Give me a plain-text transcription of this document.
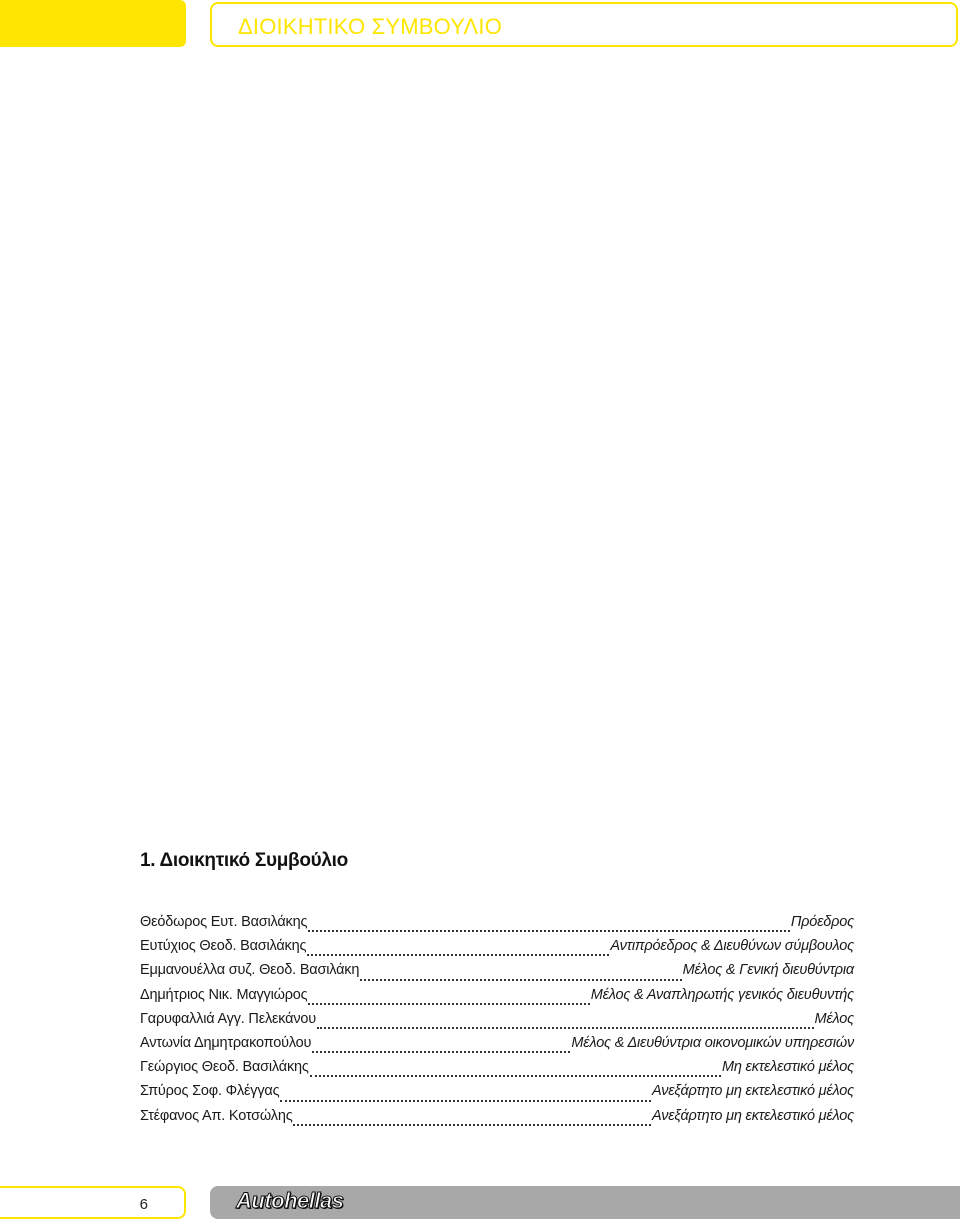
ΔΙΟΙΚΗΤΙΚΟ ΣΥΜΒΟΥΛΙΟ
1. Διοικητικό Συμβούλιο
Θεόδωρος Ευτ. Βασιλάκης	Πρόεδρος
Ευτύχιος Θεοδ. Βασιλάκης	Αντιπρόεδρος & Διευθύνων σύμβουλος
Εμμανουέλλα συζ. Θεοδ. Βασιλάκη	Μέλος & Γενική διευθύντρια
Δημήτριος Νικ. Μαγγιώρος	Μέλος & Αναπληρωτής γενικός διευθυντής
Γαρυφαλλιά Αγγ. Πελεκάνου	Μέλος
Αντωνία Δημητρακοπούλου	Μέλος & Διευθύντρια οικονομικών υπηρεσιών
Γεώργιος Θεοδ. Βασιλάκης	Μη εκτελεστικό μέλος
Σπύρος Σοφ. Φλέγγας	Ανεξάρτητο μη εκτελεστικό μέλος
Στέφανος Απ. Κοτσώλης	Ανεξάρτητο μη εκτελεστικό μέλος
6	Autohellas
